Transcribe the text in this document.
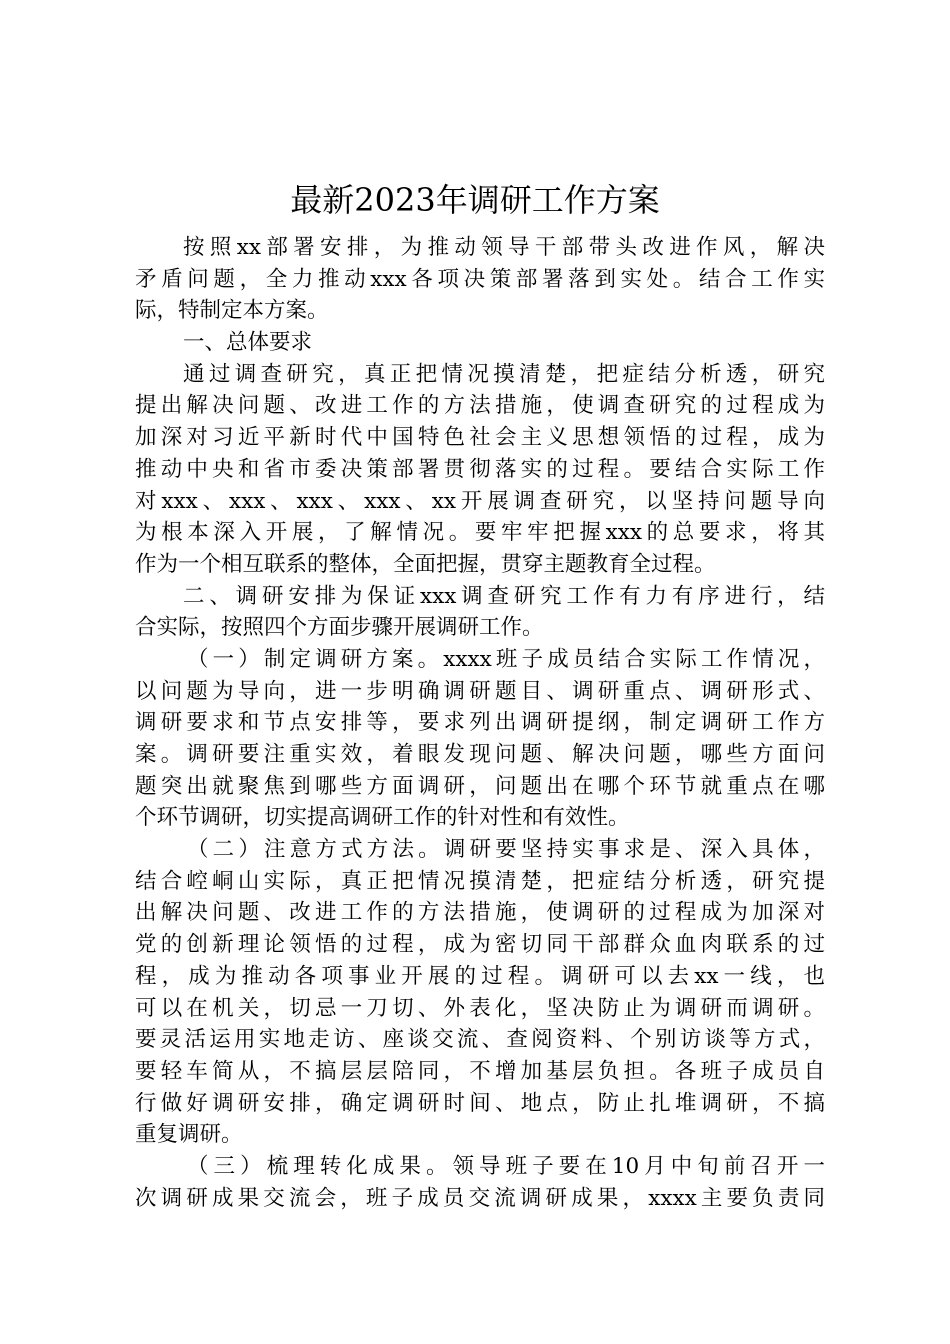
最新2023年调研工作方案
按照xx部署安排，为推动领导干部带头改进作风，解决
矛盾问题，全力推动xxx各项决策部署落到实处。结合工作实
际，特制定本方案。
一、总体要求
通过调查研究，真正把情况摸清楚，把症结分析透，研究
提出解决问题、改进工作的方法措施，使调查研究的过程成为
加深对习近平新时代中国特色社会主义思想领悟的过程，成为
推动中央和省市委决策部署贯彻落实的过程。要结合实际工作
对xxx、xxx、xxx、xxx、xx开展调查研究，以坚持问题导向
为根本深入开展，了解情况。要牢牢把握xxx的总要求，将其
作为一个相互联系的整体，全面把握，贯穿主题教育全过程。
二、调研安排为保证xxx调查研究工作有力有序进行，结
合实际，按照四个方面步骤开展调研工作。
（一）制定调研方案。xxxx班子成员结合实际工作情况，
以问题为导向，进一步明确调研题目、调研重点、调研形式、
调研要求和节点安排等，要求列出调研提纲，制定调研工作方
案。调研要注重实效，着眼发现问题、解决问题，哪些方面问
题突出就聚焦到哪些方面调研，问题出在哪个环节就重点在哪
个环节调研，切实提高调研工作的针对性和有效性。
（二）注意方式方法。调研要坚持实事求是、深入具体，
结合崆峒山实际，真正把情况摸清楚，把症结分析透，研究提
出解决问题、改进工作的方法措施，使调研的过程成为加深对
党的创新理论领悟的过程，成为密切同干部群众血肉联系的过
程，成为推动各项事业开展的过程。调研可以去xx一线，也
可以在机关，切忌一刀切、外表化，坚决防止为调研而调研。
要灵活运用实地走访、座谈交流、查阅资料、个别访谈等方式，
要轻车简从，不搞层层陪同，不增加基层负担。各班子成员自
行做好调研安排，确定调研时间、地点，防止扎堆调研，不搞
重复调研。
（三）梳理转化成果。领导班子要在10月中旬前召开一
次调研成果交流会，班子成员交流调研成果，xxxx主要负责同
